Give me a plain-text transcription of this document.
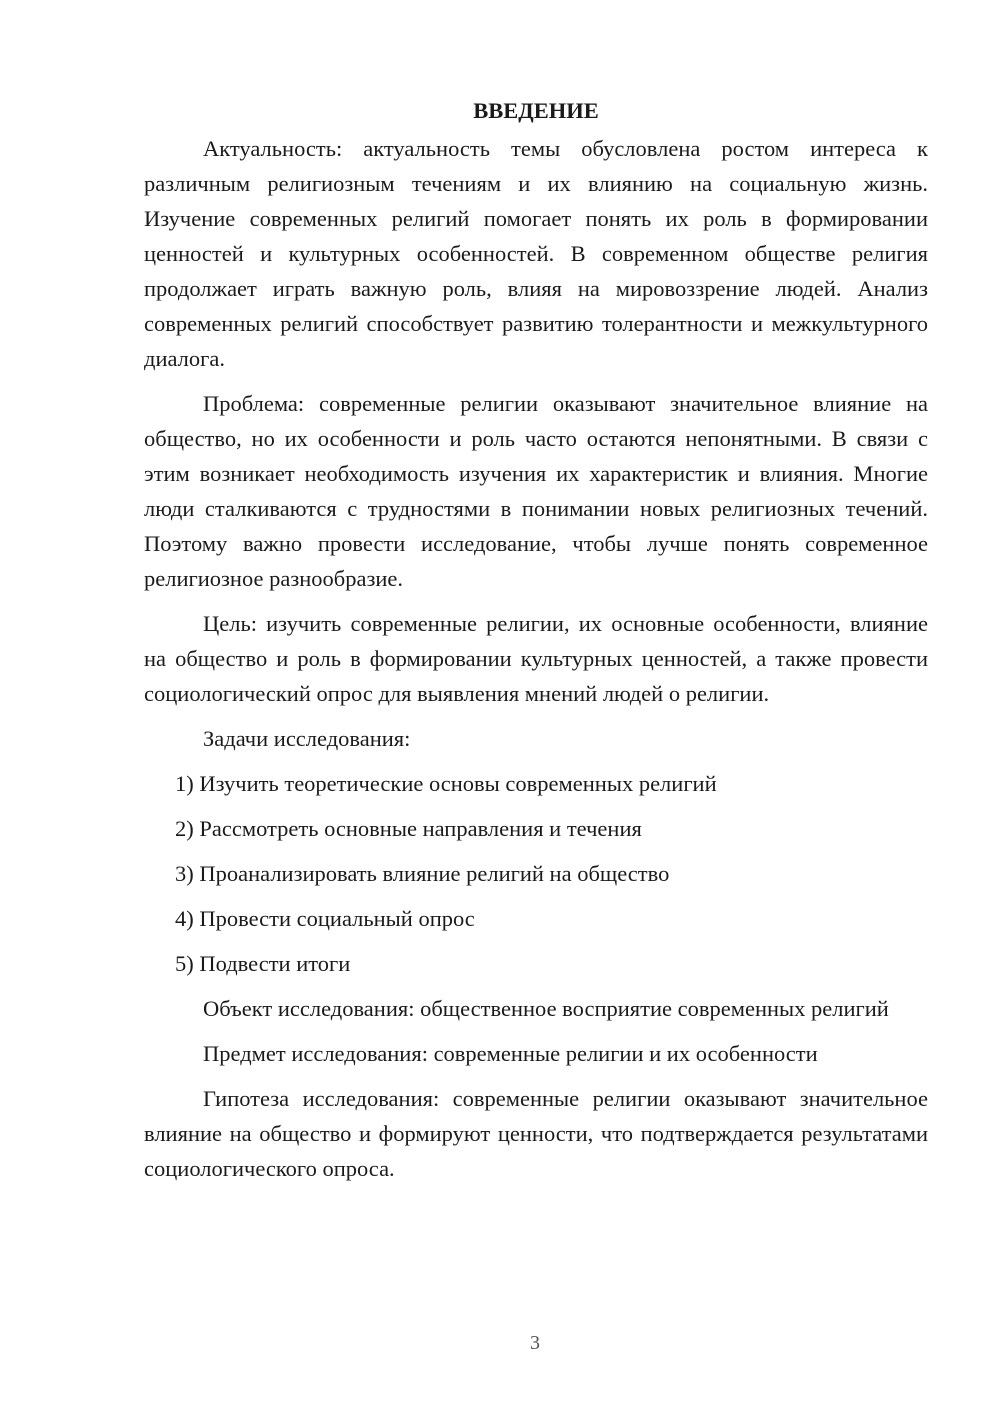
ВВЕДЕНИЕ

Актуальность: актуальность темы обусловлена ростом интереса к различным религиозным течениям и их влиянию на социальную жизнь. Изучение современных религий помогает понять их роль в формировании ценностей и культурных особенностей. В современном обществе религия продолжает играть важную роль, влияя на мировоззрение людей. Анализ современных религий способствует развитию толерантности и межкультурного диалога.

Проблема: современные религии оказывают значительное влияние на общество, но их особенности и роль часто остаются непонятными. В связи с этим возникает необходимость изучения их характеристик и влияния. Многие люди сталкиваются с трудностями в понимании новых религиозных течений. Поэтому важно провести исследование, чтобы лучше понять современное религиозное разнообразие.

Цель: изучить современные религии, их основные особенности, влияние на общество и роль в формировании культурных ценностей, а также провести социологический опрос для выявления мнений людей о религии.

Задачи исследования:

1) Изучить теоретические основы современных религий
2) Рассмотреть основные направления и течения
3) Проанализировать влияние религий на общество
4) Провести социальный опрос
5) Подвести итоги

Объект исследования: общественное восприятие современных религий

Предмет исследования: современные религии и их особенности

Гипотеза исследования: современные религии оказывают значительное влияние на общество и формируют ценности, что подтверждается результатами социологического опроса.

3
